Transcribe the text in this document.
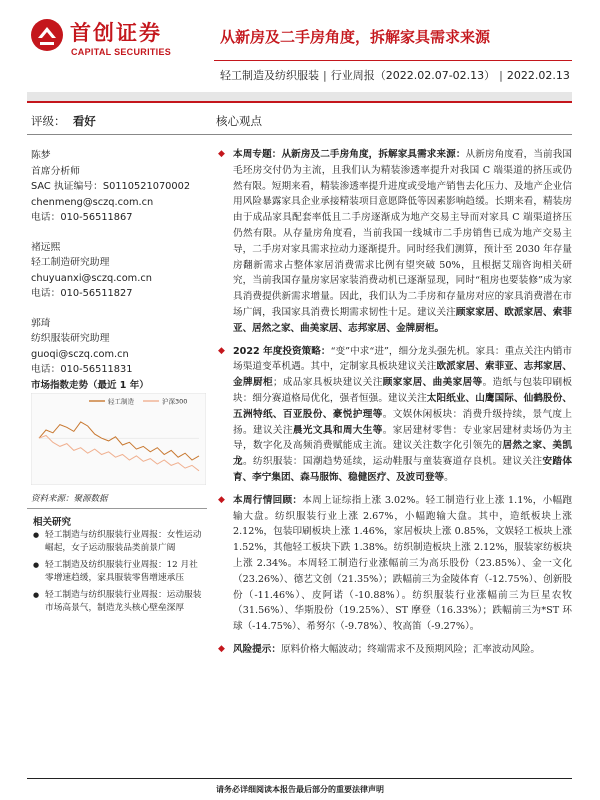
首创证券
CAPITAL SECURITIES
从新房及二手房角度，拆解家具需求来源
轻工制造及纺织服装 | 行业周报（2022.02.07-02.13） | 2022.02.13
评级： 看好	核心观点
陈梦
首席分析师
SAC 执证编号：S0110521070002
chenmeng@sczq.com.cn
电话：010-56511867
褚远熙
轻工制造研究助理
chuyuanxi@sczq.com.cn
电话：010-56511827
郭琦
纺织服装研究助理
guoqi@sczq.com.cn
电话：010-56511831
市场指数走势（最近 1 年）
轻工制造	沪深300
资料来源：聚源数据
相关研究
● 轻工制造与纺织服装行业周报：女性运动崛起，女子运动服装品类前景广阔
● 轻工制造及纺织服装行业周报：12 月社零增速趋缓，家具服装零售增速承压
● 轻工制造与纺织服装行业周报：运动服装市场高景气，制造龙头核心壁垒深厚
◆ 本周专题：从新房及二手房角度，拆解家具需求来源：从新房角度看，当前我国毛坯房交付仍为主流，且我们认为精装渗透率提升对我国 C 端渠道的挤压或仍然有限。短期来看，精装渗透率提升进度或受地产销售去化压力、及地产企业信用风险暴露家具企业承接精装项目意愿降低等因素影响趋缓。长期来看，精装房由于成品家具配套率低且二手房逐渐成为地产交易主导而对家具 C 端渠道挤压仍然有限。从存量房角度看，当前我国一线城市二手房销售已成为地产交易主导，二手房对家具需求拉动力逐渐提升。同时经我们测算，预计至 2030 年存量房翻新需求占整体家居消费需求比例有望突破 50%，且根据艾瑞咨询相关研究，当前我国存量房家居家装消费动机已逐渐显现，同时“租房也要装修”成为家具消费提供新需求增量。因此，我们认为二手房和存量房对应的家具消费潜在市场广阔，我国家具消费长期需求韧性十足。建议关注顾家家居、欧派家居、索菲亚、居然之家、曲美家居、志邦家居、金牌厨柜。
◆ 2022 年度投资策略：“变”中求“进”，细分龙头强先机。家具：重点关注内销市场渠道变革机遇。其中，定制家具板块建议关注欧派家居、索菲亚、志邦家居、金牌厨柜；成品家具板块建议关注顾家家居、曲美家居等。造纸与包装印刷板块：细分赛道格局优化，强者恒强。建议关注太阳纸业、山鹰国际、仙鹤股份、五洲特纸、百亚股份、豪悦护理等。文娱休闲板块：消费升级持续，景气度上扬。建议关注晨光文具和周大生等。家居建材零售：专业家居建材卖场仍为主导，数字化及高频消费赋能成主流。建议关注数字化引领先的居然之家、美凯龙。纺织服装：国潮趋势延续，运动鞋服与童装赛道存良机。建议关注安踏体育、李宁集团、森马服饰、稳健医疗、及波司登等。
◆ 本周行情回顾：本周上证综指上涨 3.02%。轻工制造行业上涨 1.1%，小幅跑输大盘。纺织服装行业上涨 2.67%，小幅跑输大盘。其中，造纸板块上涨 2.12%，包装印刷板块上涨 1.46%，家居板块上涨 0.85%，文娱轻工板块上涨 1.52%，其他轻工板块下跌 1.38%。纺织制造板块上涨 2.12%，服装家纺板块上涨 2.34%。本周轻工制造行业涨幅前三为高乐股份（23.85%）、金一文化（23.26%）、德艺文创（21.35%）；跌幅前三为金陵体育（-12.75%）、创新股份（-11.46%）、皮阿诺（-10.88%）。纺织服装行业涨幅前三为巨星农牧（31.56%）、华斯股份（19.25%）、ST 摩登（16.33%）；跌幅前三为*ST 环球（-14.75%）、希努尔（-9.78%）、牧高笛（-9.27%）。
◆ 风险提示：原料价格大幅波动；终端需求不及预期风险；汇率波动风险。
请务必详细阅读本报告最后部分的重要法律声明
